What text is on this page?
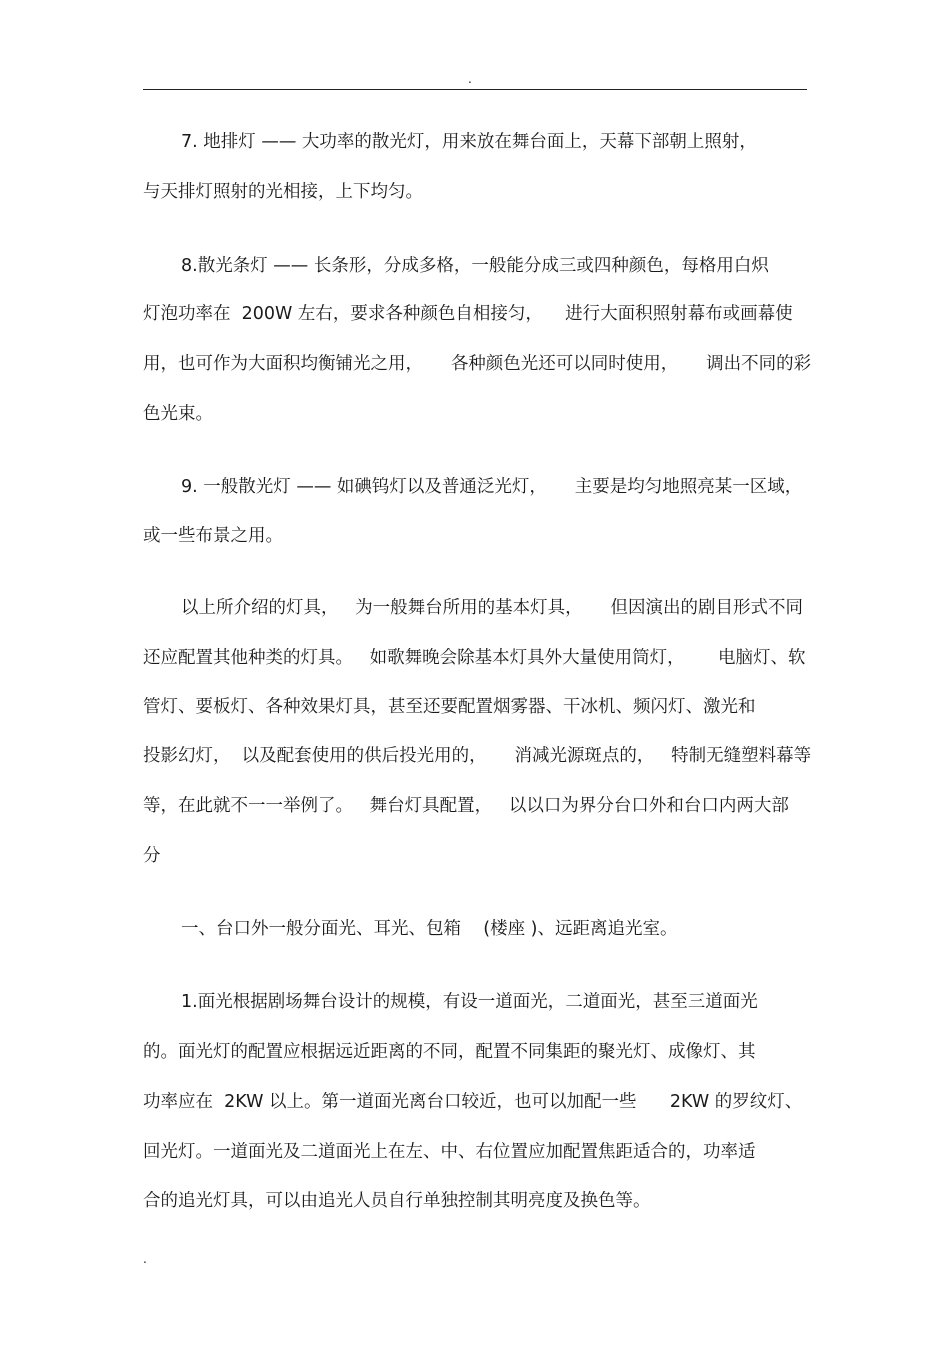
.
7. 地排灯 —— 大功率的散光灯，用来放在舞台面上，天幕下部朝上照射，
与天排灯照射的光相接，上下均匀。
8.散光条灯 —— 长条形，分成多格，一般能分成三或四种颜色，每格用白炽
灯泡功率在  200W 左右，要求各种颜色自相接匀，    进行大面积照射幕布或画幕使
用，也可作为大面积均衡铺光之用，     各种颜色光还可以同时使用，     调出不同的彩
色光束。
9. 一般散光灯 —— 如碘钨灯以及普通泛光灯，     主要是均匀地照亮某一区域，
或一些布景之用。
以上所介绍的灯具，   为一般舞台所用的基本灯具，     但因演出的剧目形式不同
还应配置其他种类的灯具。   如歌舞晚会除基本灯具外大量使用筒灯，      电脑灯、软
管灯、要板灯、各种效果灯具，甚至还要配置烟雾器、干冰机、频闪灯、激光和
投影幻灯，  以及配套使用的供后投光用的，     消减光源斑点的，   特制无缝塑料幕等
等，在此就不一一举例了。   舞台灯具配置，   以以口为界分台口外和台口内两大部
分
一、台口外一般分面光、耳光、包箱    (楼座 )、远距离追光室。
1.面光根据剧场舞台设计的规模，有设一道面光，二道面光，甚至三道面光
的。面光灯的配置应根据远近距离的不同，配置不同集距的聚光灯、成像灯、其
功率应在  2KW 以上。第一道面光离台口较近，也可以加配一些      2KW 的罗纹灯、
回光灯。一道面光及二道面光上在左、中、右位置应加配置焦距适合的，功率适
合的追光灯具，可以由追光人员自行单独控制其明亮度及换色等。
.
